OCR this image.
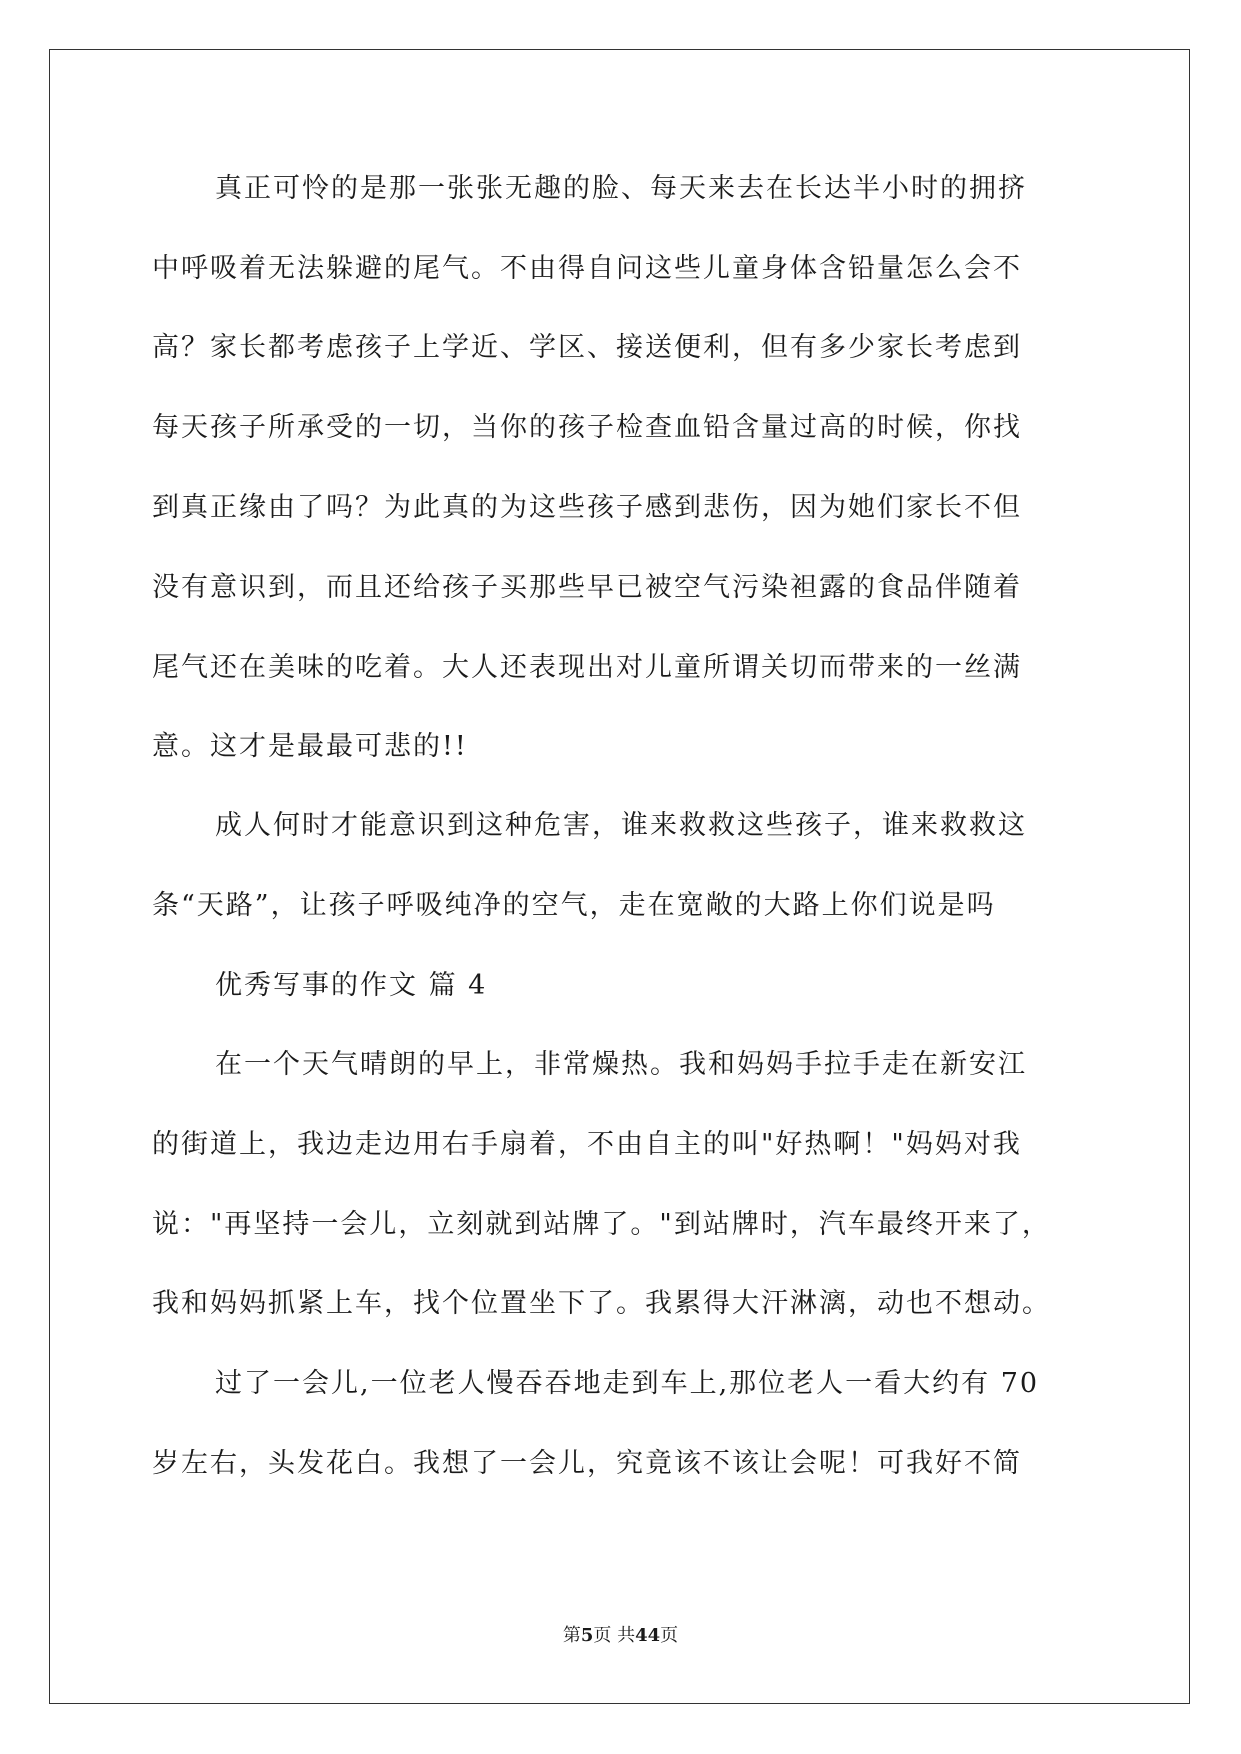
真正可怜的是那一张张无趣的脸、每天来去在长达半小时的拥挤
中呼吸着无法躲避的尾气。不由得自问这些儿童身体含铅量怎么会不
高？家长都考虑孩子上学近、学区、接送便利，但有多少家长考虑到
每天孩子所承受的一切，当你的孩子检查血铅含量过高的时候，你找
到真正缘由了吗？为此真的为这些孩子感到悲伤，因为她们家长不但
没有意识到，而且还给孩子买那些早已被空气污染袒露的食品伴随着
尾气还在美味的吃着。大人还表现出对儿童所谓关切而带来的一丝满
意。这才是最最可悲的!!
成人何时才能意识到这种危害，谁来救救这些孩子，谁来救救这
条“天路”，让孩子呼吸纯净的空气，走在宽敞的大路上你们说是吗
优秀写事的作文 篇 4
在一个天气晴朗的早上，非常燥热。我和妈妈手拉手走在新安江
的街道上，我边走边用右手扇着，不由自主的叫"好热啊！"妈妈对我
说："再坚持一会儿，立刻就到站牌了。"到站牌时，汽车最终开来了，
我和妈妈抓紧上车，找个位置坐下了。我累得大汗淋漓，动也不想动。
过了一会儿,一位老人慢吞吞地走到车上,那位老人一看大约有 70
岁左右，头发花白。我想了一会儿，究竟该不该让会呢！可我好不简
第5页 共44页
